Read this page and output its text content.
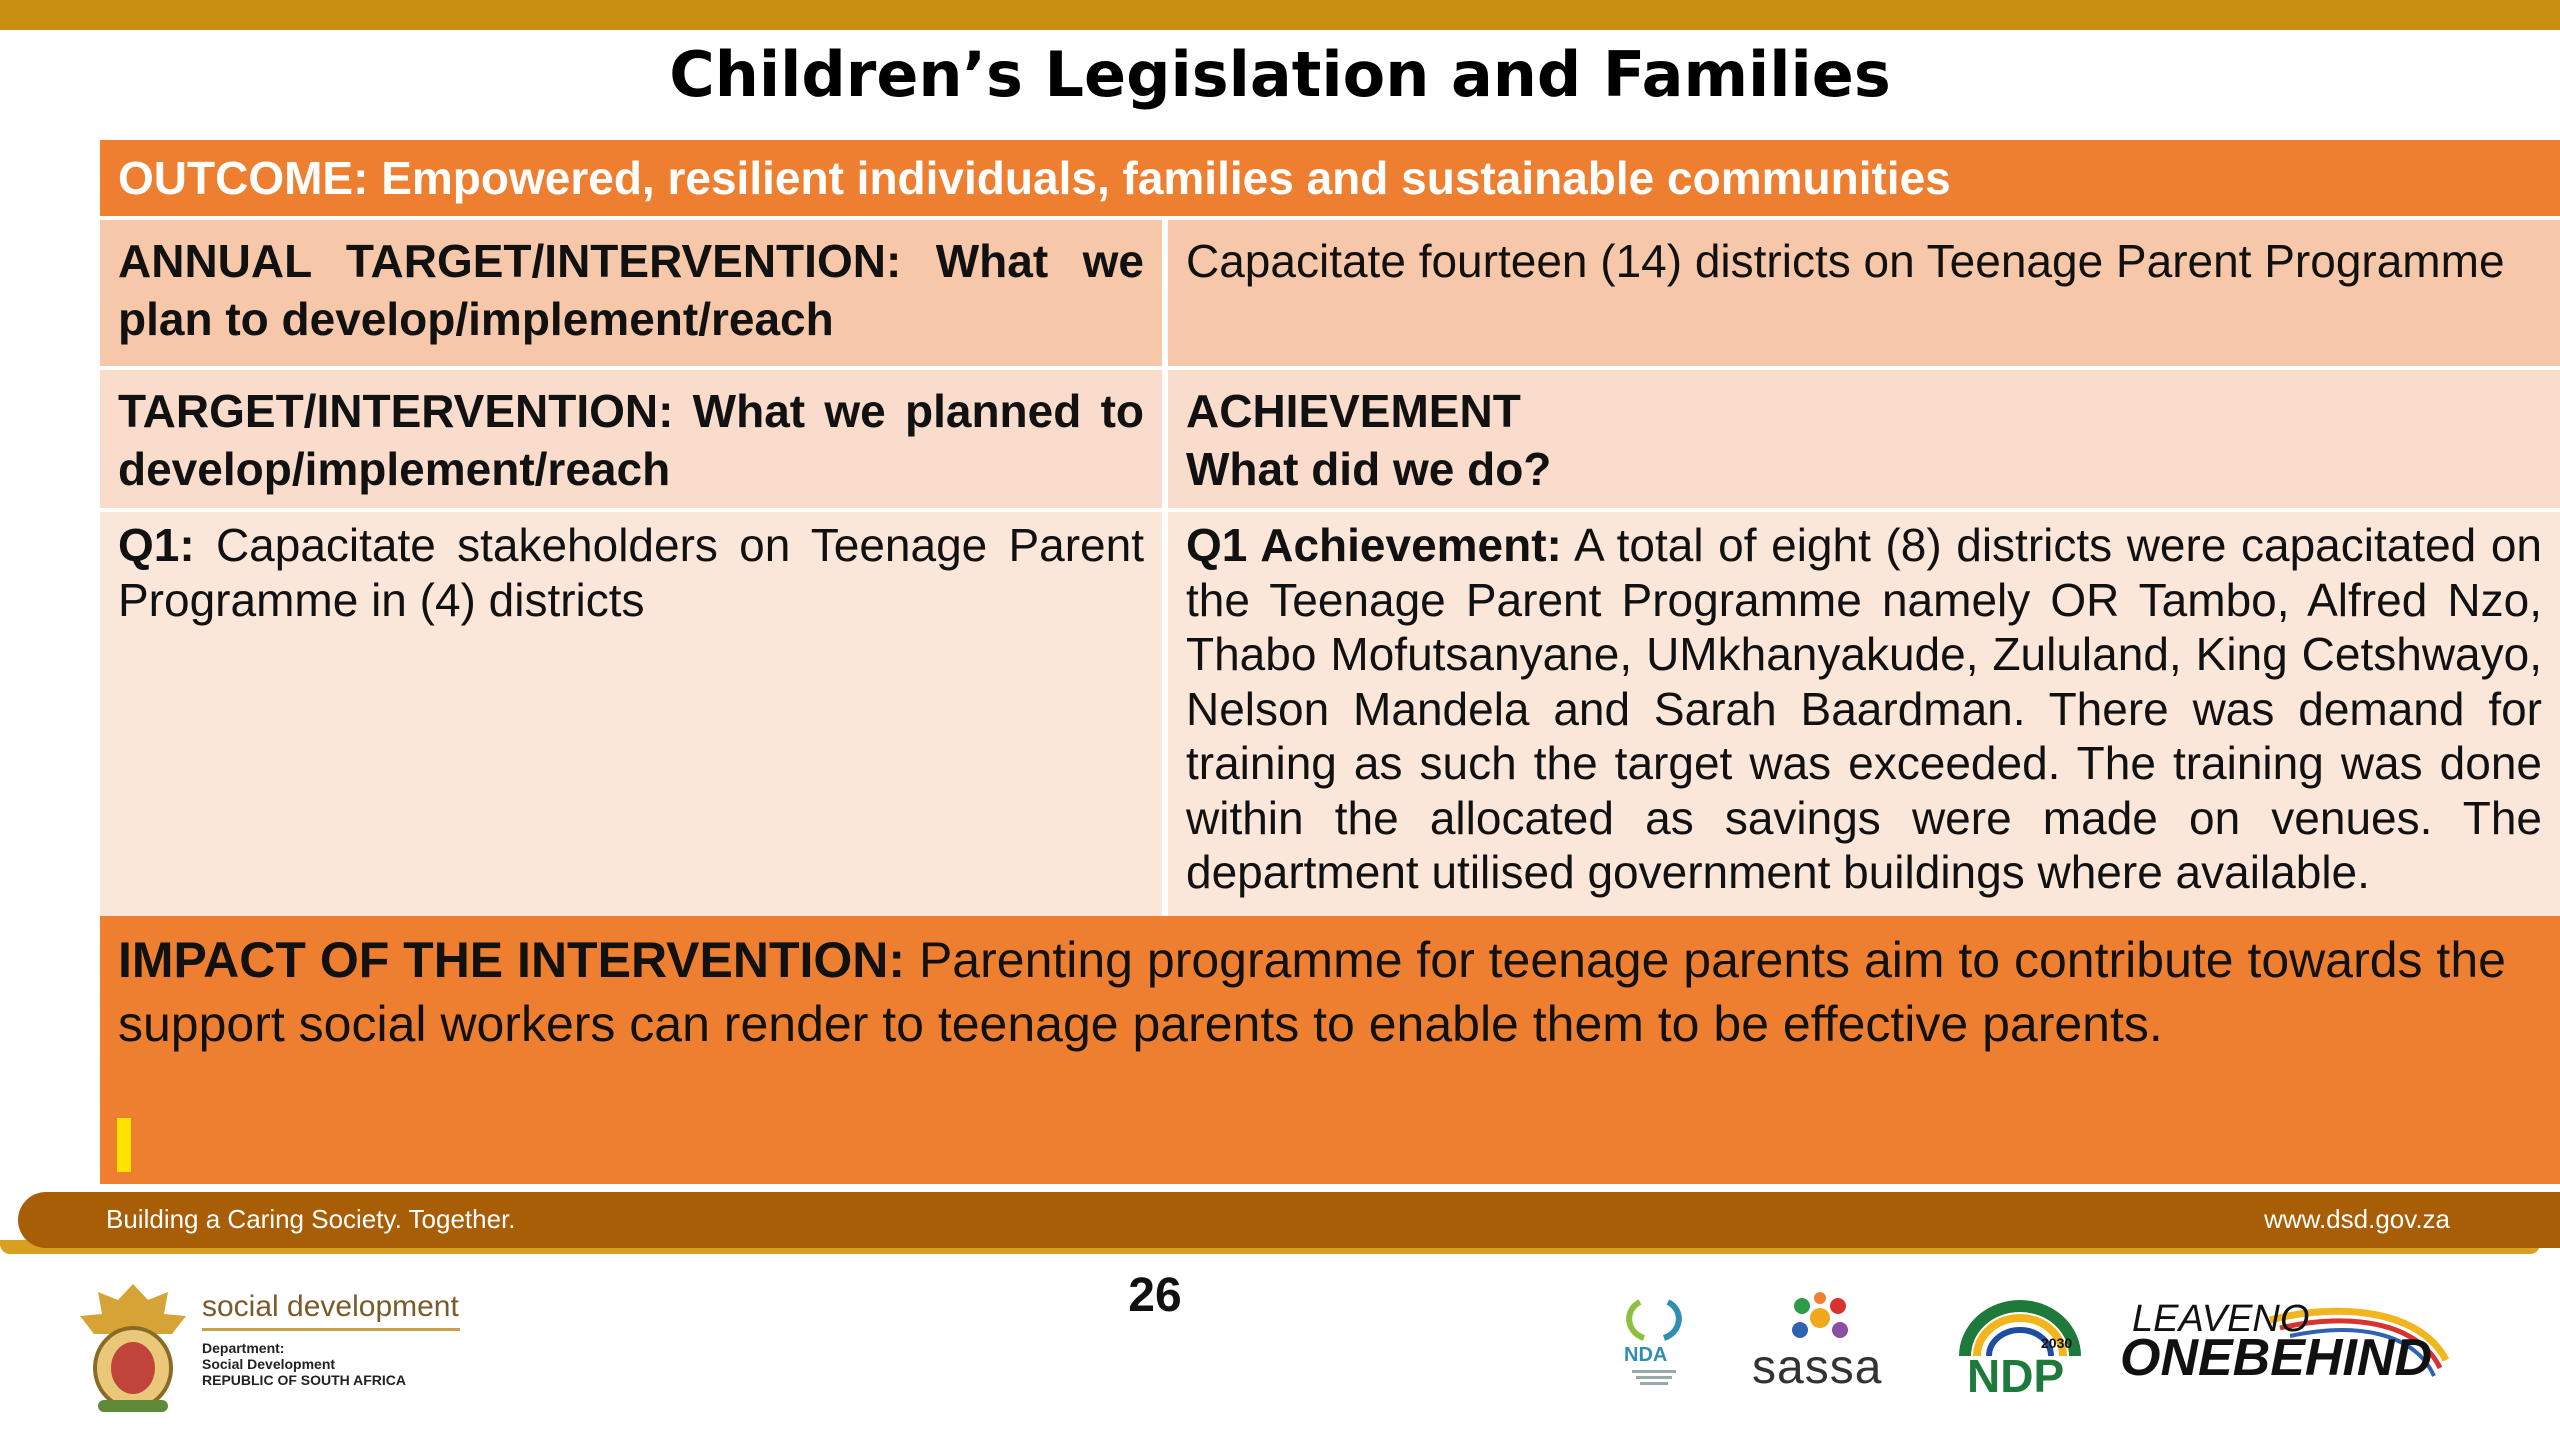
Children’s Legislation and Families
OUTCOME: Empowered, resilient individuals, families and sustainable communities
ANNUAL TARGET/INTERVENTION: What we plan to develop/implement/reach
Capacitate fourteen (14) districts on Teenage Parent Programme
TARGET/INTERVENTION: What we planned to develop/implement/reach
ACHIEVEMENT
What did we do?
Q1: Capacitate stakeholders on Teenage Parent Programme in (4) districts
Q1 Achievement: A total of eight (8) districts were capacitated on the Teenage Parent Programme namely OR Tambo, Alfred Nzo, Thabo Mofutsanyane, UMkhanyakude, Zululand, King Cetshwayo, Nelson Mandela and Sarah Baardman. There was demand for training as such the target was exceeded. The training was done within the allocated as savings were made on venues. The department utilised government buildings where available.
IMPACT OF THE INTERVENTION: Parenting programme for teenage parents aim to contribute towards the support social workers can render to teenage parents to enable them to be effective parents.
Building a Caring Society. Together.	www.dsd.gov.za
26
social development
Department:
Social Development
REPUBLIC OF SOUTH AFRICA
NDA sassa	2030
NDP
LEAVENO
ONEBEHIND
